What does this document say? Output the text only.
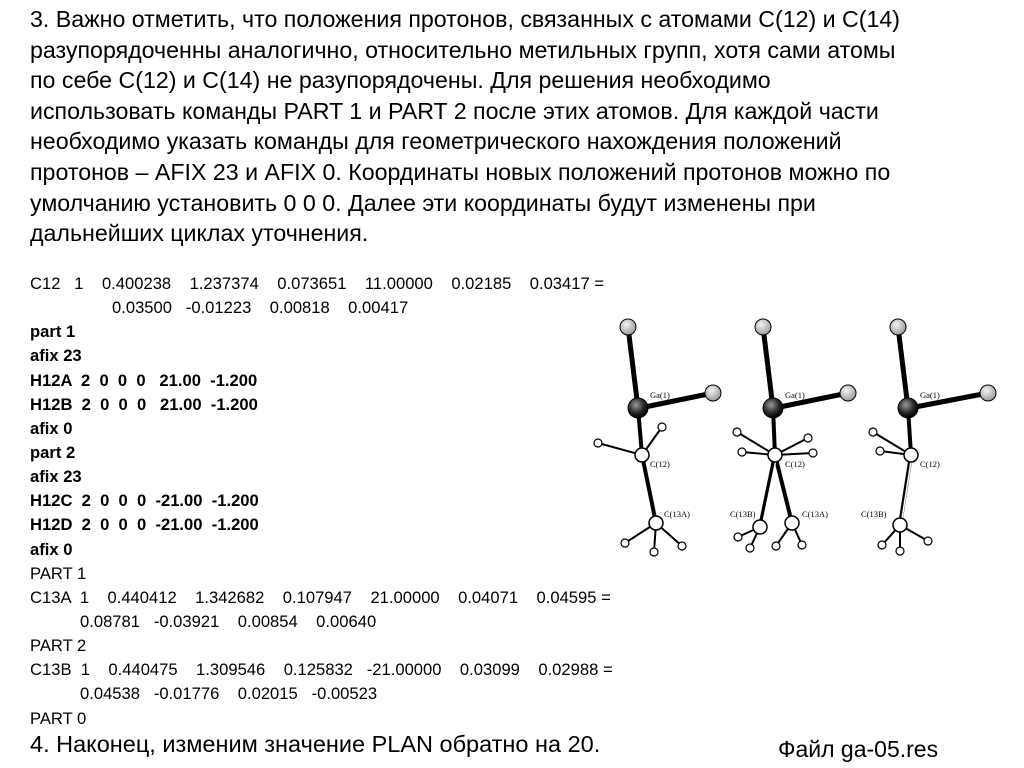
3. Важно отметить, что положения протонов, связанных с атомами С(12) и С(14)
разупорядоченны аналогично, относительно метильных групп, хотя сами атомы
по себе С(12) и С(14) не разупорядочены. Для решения необходимо
использовать команды PART 1 и PART 2 после этих атомов. Для каждой части
необходимо указать команды для геометрического нахождения положений
протонов – AFIX 23 и AFIX 0. Координаты новых положений протонов можно по
умолчанию установить 0 0 0. Далее эти координаты будут изменены при
дальнейших циклах уточнения.
C12   1    0.400238    1.237374    0.073651    11.00000    0.02185    0.03417 =
0.03500   -0.01223    0.00818    0.00417
part 1
afix 23
H12A  2  0  0  0   21.00  -1.200
H12B  2  0  0  0   21.00  -1.200
afix 0
part 2
afix 23
H12C  2  0  0  0  -21.00  -1.200
H12D  2  0  0  0  -21.00  -1.200
afix 0
PART 1
C13A  1    0.440412    1.342682    0.107947    21.00000    0.04071    0.04595 =
0.08781   -0.03921    0.00854    0.00640
PART 2
C13B  1    0.440475    1.309546    0.125832   -21.00000    0.03099    0.02988 =
0.04538   -0.01776    0.02015   -0.00523
PART 0
Ga(1)
C(12)
C(13A)
Ga(1)
C(12)
C(13B)	C(13A)
Ga(1)
C(12)
C(13B)
4. Наконец, изменим значение PLAN обратно на 20.	Файл ga-05.res
